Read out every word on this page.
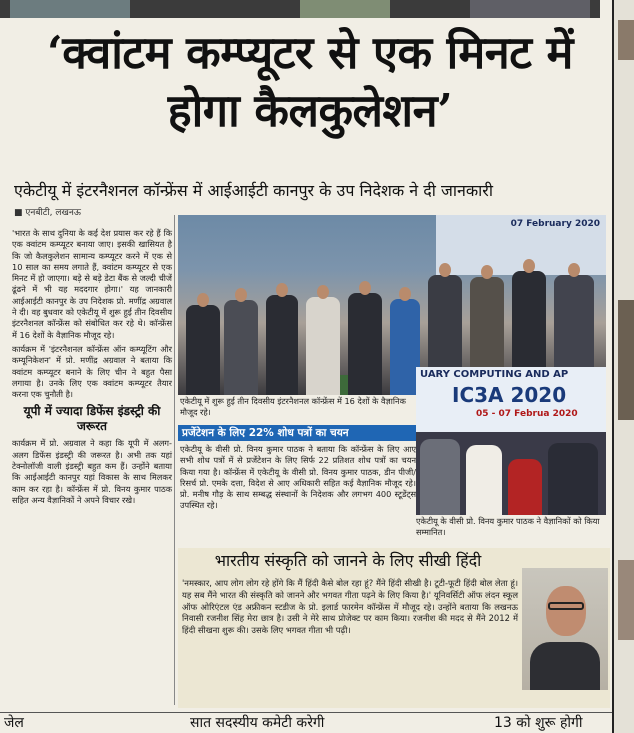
‘क्वांटम कम्प्यूटर से एक मिनट में होगा कैलकुलेशन’
एकेटीयू में इंटरनैशनल कॉन्फ्रेंस में आईआईटी कानपुर के उप निदेशक ने दी जानकारी
■ एनबीटी, लखनऊ

'भारत के साथ दुनिया के कई देश प्रयास कर रहे हैं कि एक क्वांटम कम्प्यूटर बनाया जाए। इसकी खासियत है कि जो कैलकुलेशन सामान्य कम्प्यूटर करने में एक से 10 साल का समय लगाते हैं, क्वांटम कम्प्यूटर से एक मिनट में हो जाएगा। बड़े से बड़े डेटा बैंक से जल्दी चीजें ढूंढने में भी यह मददगार होगा।' यह जानकारी आईआईटी कानपुर के उप निदेशक प्रो. मणींद्र अग्रवाल ने दी। वह बुधवार को एकेटीयू में शुरू हुई तीन दिवसीय इंटरनैशनल कॉन्फ्रेंस को संबोधित कर रहे थे। कॉन्फ्रेंस में 16 देशों के वैज्ञानिक मौजूद रहे।

कार्यक्रम में 'इंटरनैशनल कॉन्फ्रेंस ऑन कम्प्यूटिंग और कम्यूनिकेशन' में प्रो. मणींद्र अग्रवाल ने बताया कि क्वांटम कम्प्यूटर बनाने के लिए चीन ने बहुत पैसा लगाया है। उनके लिए एक क्वांटम कम्प्यूटर तैयार करना एक चुनौती है।

यूपी में ज्यादा डिफेंस इंडस्ट्री की जरूरत

कार्यक्रम में प्रो. अग्रवाल ने कहा कि यूपी में अलग-अलग डिफेंस इंडस्ट्री की जरूरत है। अभी तक यहां टेक्नोलॉजी वाली इंडस्ट्री बहुत कम हैं। उन्होंने बताया कि आईआईटी कानपुर यहां विकास के साथ मिलकर काम कर रहा है। कॉन्फ्रेंस में प्रो. विनय कुमार पाठक सहित अन्य वैज्ञानिकों ने अपने विचार रखे।

07 February 2020
एकेटीयू में शुरू हुई तीन दिवसीय इंटरनैशनल कॉन्फ्रेंस में 16 देशों के वैज्ञानिक मौजूद रहे।
प्रजेंटेशन के लिए 22% शोध पत्रों का चयन
एकेटीयू के वीसी प्रो. विनय कुमार पाठक ने बताया कि कॉन्फ्रेंस के लिए आए सभी शोध पत्रों में से प्रजेंटेशन के लिए सिर्फ 22 प्रतिशत शोध पत्रों का चयन किया गया है। कॉन्फ्रेंस में एकेटीयू के वीसी प्रो. विनय कुमार पाठक, डीन पीजी/रिसर्च प्रो. एमके दत्ता, विदेश से आए अधिकारी सहित कई वैज्ञानिक मौजूद रहे। प्रो. मनीष गौड़ के साथ सम्बद्ध संस्थानों के निदेशक और लगभग 400 स्टूडेंट्स उपस्थित रहे।
UARY COMPUTING AND AP
IC3A 2020
05 - 07 Februa 2020
एकेटीयू के वीसी प्रो. विनय कुमार पाठक ने वैज्ञानिकों को किया सम्मानित।
भारतीय संस्कृति को जानने के लिए सीखी हिंदी
'नमस्कार, आप लोग लोग रहे होंगे कि मैं हिंदी कैसे बोल रहा हूं? मैंने हिंदी सीखी है। टूटी-फूटी हिंदी बोल लेता हूं। यह सब मैंने भारत की संस्कृति को जानने और भगवत गीता पढ़ने के लिए किया है।' यूनिवर्सिटी ऑफ लंदन स्कूल ऑफ ओरिएंटल एंड अफ्रीकन स्टडीज के प्रो. इलार्ड फारमेन कॉन्फ्रेंस में मौजूद रहे। उन्होंने बताया कि लखनऊ निवासी रजनीश सिंह मेरा छात्र है। उसी ने मेरे साथ प्रोजेक्ट पर काम किया। रजनीश की मदद से मैंने 2012 में हिंदी सीखना शुरू की। उसके लिए भगवत गीता भी पढ़ी।
जेल	सात सदस्यीय कमेटी करेगी	13 को शुरू होगी
